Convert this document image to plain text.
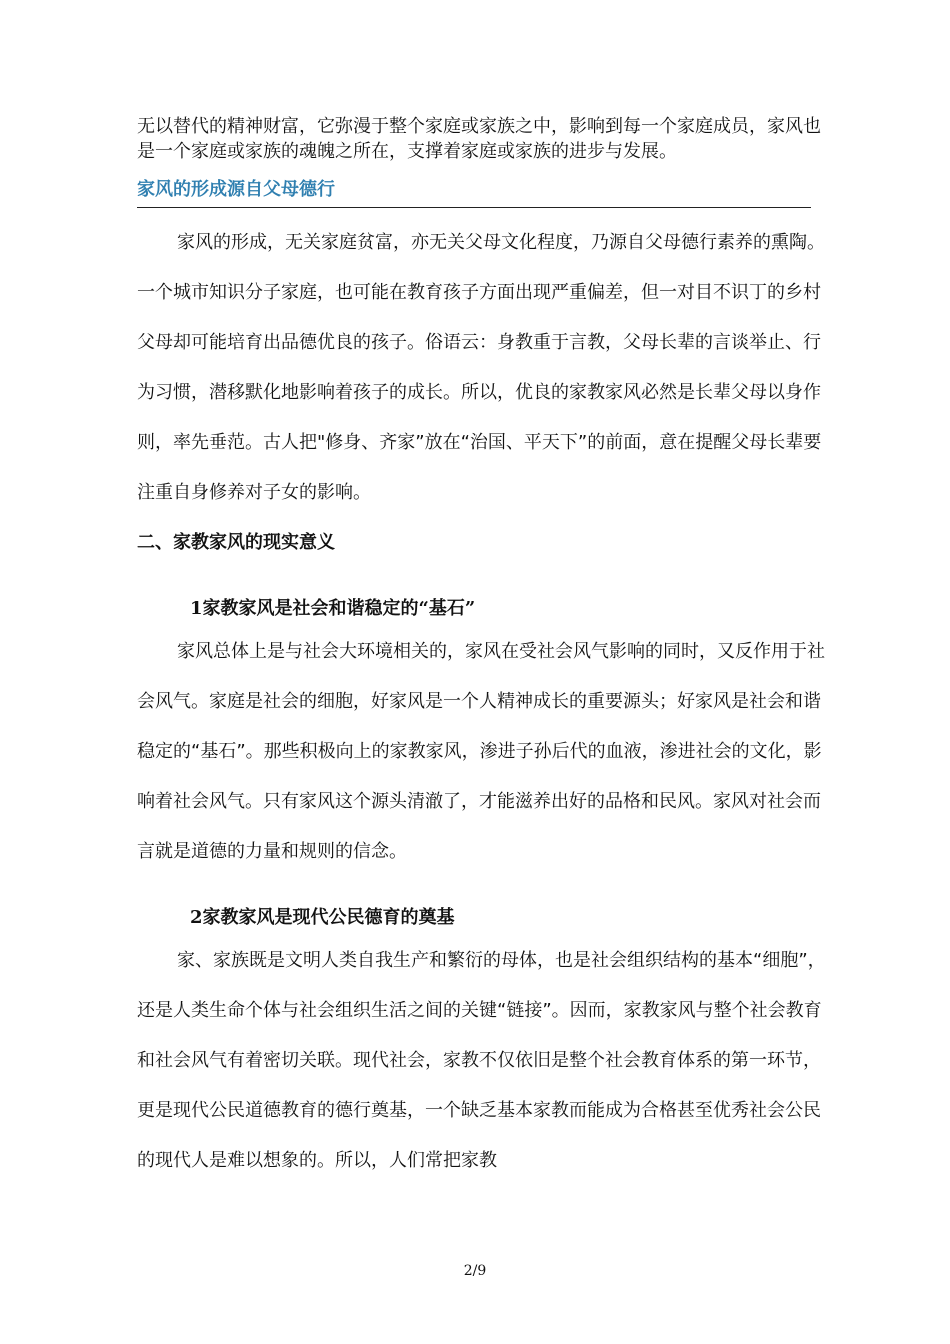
无以替代的精神财富，它弥漫于整个家庭或家族之中，影响到每一个家庭成员，家风也是一个家庭或家族的魂魄之所在，支撑着家庭或家族的进步与发展。

家风的形成源自父母德行

家风的形成，无关家庭贫富，亦无关父母文化程度，乃源自父母德行素养的熏陶。一个城市知识分子家庭，也可能在教育孩子方面出现严重偏差，但一对目不识丁的乡村父母却可能培育出品德优良的孩子。俗语云：身教重于言教，父母长辈的言谈举止、行为习惯，潜移默化地影响着孩子的成长。所以，优良的家教家风必然是长辈父母以身作则，率先垂范。古人把"修身、齐家”放在“治国、平天下”的前面，意在提醒父母长辈要注重自身修养对子女的影响。

二、家教家风的现实意义
1家教家风是社会和谐稳定的“基石”

家风总体上是与社会大环境相关的，家风在受社会风气影响的同时，又反作用于社会风气。家庭是社会的细胞，好家风是一个人精神成长的重要源头；好家风是社会和谐稳定的“基石”。那些积极向上的家教家风，渗进子孙后代的血液，渗进社会的文化，影响着社会风气。只有家风这个源头清澈了，才能滋养出好的品格和民风。家风对社会而言就是道德的力量和规则的信念。

2家教家风是现代公民德育的奠基

家、家族既是文明人类自我生产和繁衍的母体，也是社会组织结构的基本“细胞”，还是人类生命个体与社会组织生活之间的关键“链接”。因而，家教家风与整个社会教育和社会风气有着密切关联。现代社会，家教不仅依旧是整个社会教育体系的第一环节，更是现代公民道德教育的德行奠基，一个缺乏基本家教而能成为合格甚至优秀社会公民的现代人是难以想象的。所以，人们常把家教

2/9
